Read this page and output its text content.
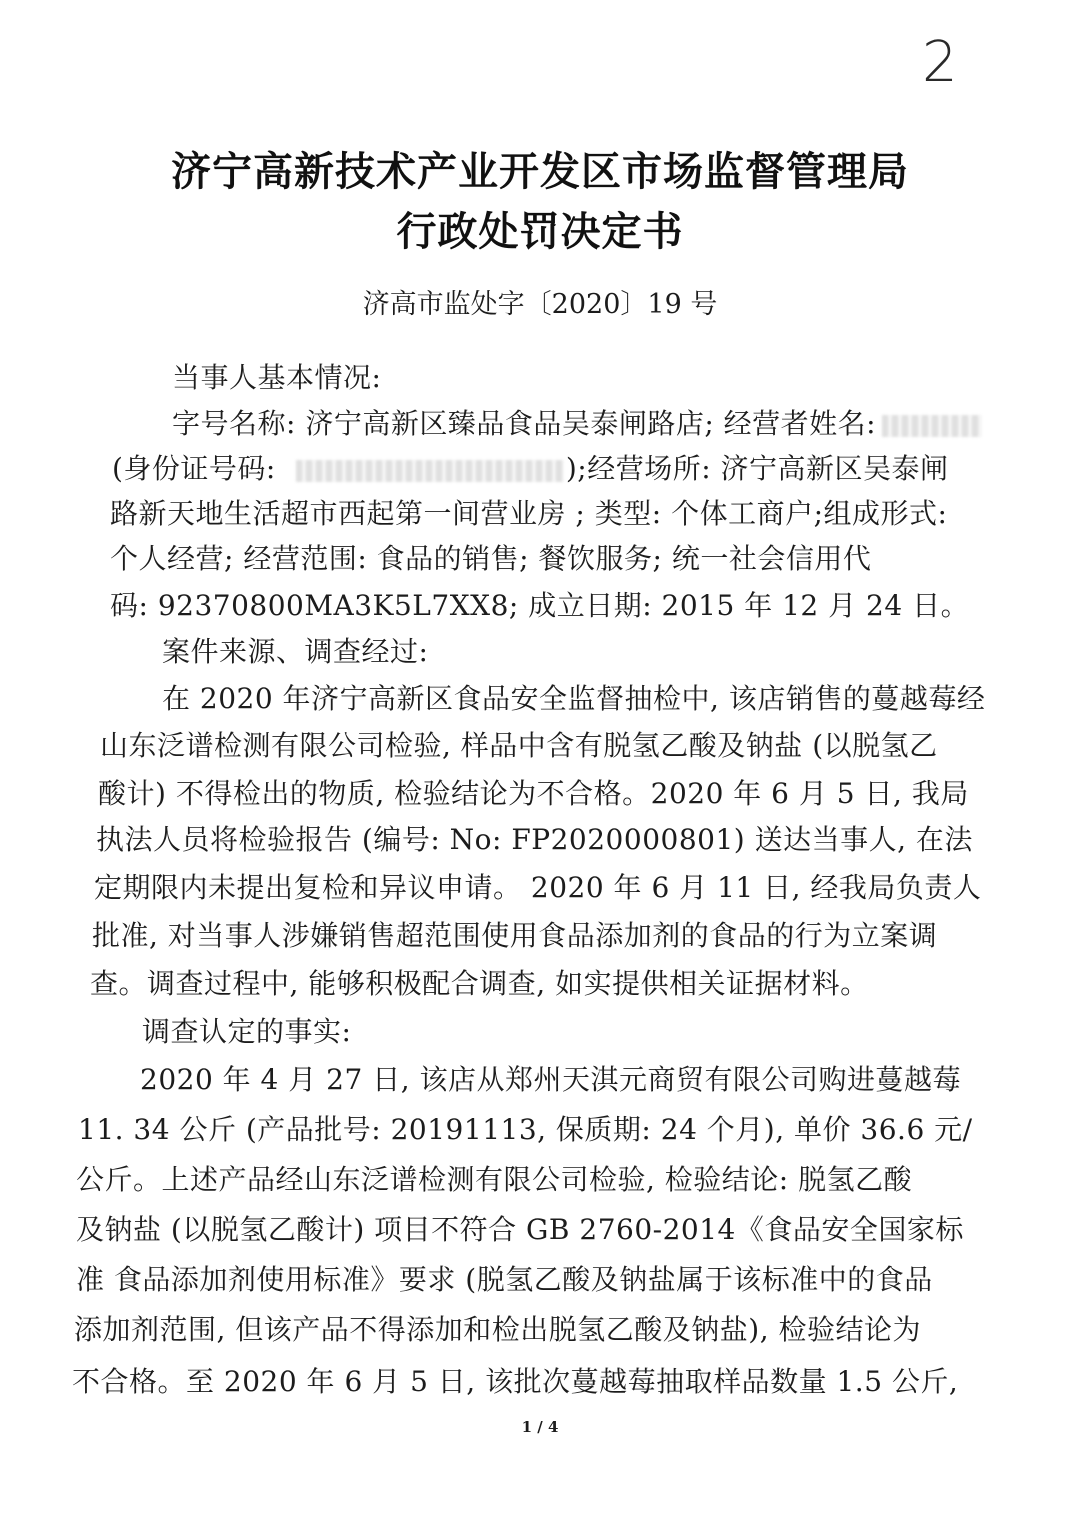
2
济宁高新技术产业开发区市场监督管理局
行政处罚决定书
济高市监处字〔2020〕19 号
当事人基本情况:
字号名称: 济宁高新区臻品食品吴泰闸路店; 经营者姓名:
(身份证号码:	);经营场所: 济宁高新区吴泰闸
路新天地生活超市西起第一间营业房 ; 类型: 个体工商户;组成形式:
个人经营; 经营范围: 食品的销售; 餐饮服务; 统一社会信用代
码: 92370800MA3K5L7XX8; 成立日期: 2015 年 12 月 24 日。
案件来源、调查经过:
在 2020 年济宁高新区食品安全监督抽检中, 该店销售的蔓越莓经
山东泛谱检测有限公司检验, 样品中含有脱氢乙酸及钠盐 (以脱氢乙
酸计) 不得检出的物质, 检验结论为不合格。2020 年 6 月 5 日, 我局
执法人员将检验报告 (编号: No: FP2020000801) 送达当事人, 在法
定期限内未提出复检和异议申请。 2020 年 6 月 11 日, 经我局负责人
批准, 对当事人涉嫌销售超范围使用食品添加剂的食品的行为立案调
查。调查过程中, 能够积极配合调查, 如实提供相关证据材料。
调查认定的事实:
2020 年 4 月 27 日, 该店从郑州天淇元商贸有限公司购进蔓越莓
11. 34 公斤 (产品批号: 20191113, 保质期: 24 个月), 单价 36.6 元/
公斤。上述产品经山东泛谱检测有限公司检验, 检验结论: 脱氢乙酸
及钠盐 (以脱氢乙酸计) 项目不符合 GB 2760-2014《食品安全国家标
准 食品添加剂使用标准》要求 (脱氢乙酸及钠盐属于该标准中的食品
添加剂范围, 但该产品不得添加和检出脱氢乙酸及钠盐), 检验结论为
不合格。至 2020 年 6 月 5 日, 该批次蔓越莓抽取样品数量 1.5 公斤,
1 / 4
